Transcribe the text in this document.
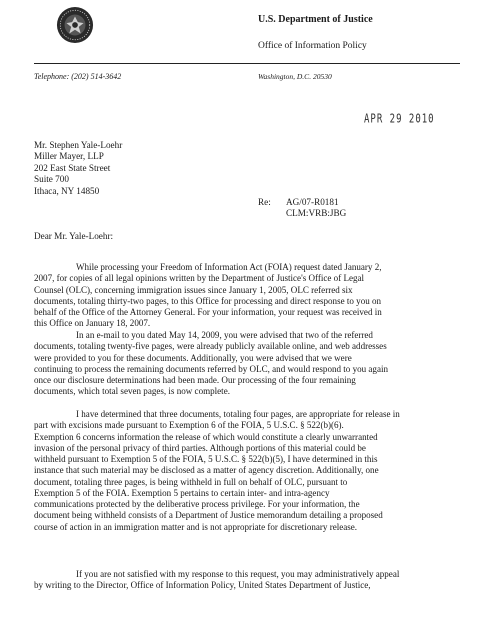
U.S. Department of Justice
Office of Information Policy
Telephone: (202) 514-3642	Washington, D.C. 20530
APR 29 2010
Mr. Stephen Yale-Loehr
Miller Mayer, LLP
202 East State Street
Suite 700
Ithaca, NY 14850
Re: AG/07-R0181
CLM:VRB:JBG
Dear Mr. Yale-Loehr:
While processing your Freedom of Information Act (FOIA) request dated January 2,
2007, for copies of all legal opinions written by the Department of Justice's Office of Legal
Counsel (OLC), concerning immigration issues since January 1, 2005, OLC referred six
documents, totaling thirty-two pages, to this Office for processing and direct response to you on
behalf of the Office of the Attorney General. For your information, your request was received in
this Office on January 18, 2007.
In an e-mail to you dated May 14, 2009, you were advised that two of the referred
documents, totaling twenty-five pages, were already publicly available online, and web addresses
were provided to you for these documents. Additionally, you were advised that we were
continuing to process the remaining documents referred by OLC, and would respond to you again
once our disclosure determinations had been made. Our processing of the four remaining
documents, which total seven pages, is now complete.
I have determined that three documents, totaling four pages, are appropriate for release in
part with excisions made pursuant to Exemption 6 of the FOIA, 5 U.S.C. § 522(b)(6).
Exemption 6 concerns information the release of which would constitute a clearly unwarranted
invasion of the personal privacy of third parties. Although portions of this material could be
withheld pursuant to Exemption 5 of the FOIA, 5 U.S.C. § 522(b)(5), I have determined in this
instance that such material may be disclosed as a matter of agency discretion. Additionally, one
document, totaling three pages, is being withheld in full on behalf of OLC, pursuant to
Exemption 5 of the FOIA. Exemption 5 pertains to certain inter- and intra-agency
communications protected by the deliberative process privilege. For your information, the
document being withheld consists of a Department of Justice memorandum detailing a proposed
course of action in an immigration matter and is not appropriate for discretionary release.
If you are not satisfied with my response to this request, you may administratively appeal
by writing to the Director, Office of Information Policy, United States Department of Justice,
